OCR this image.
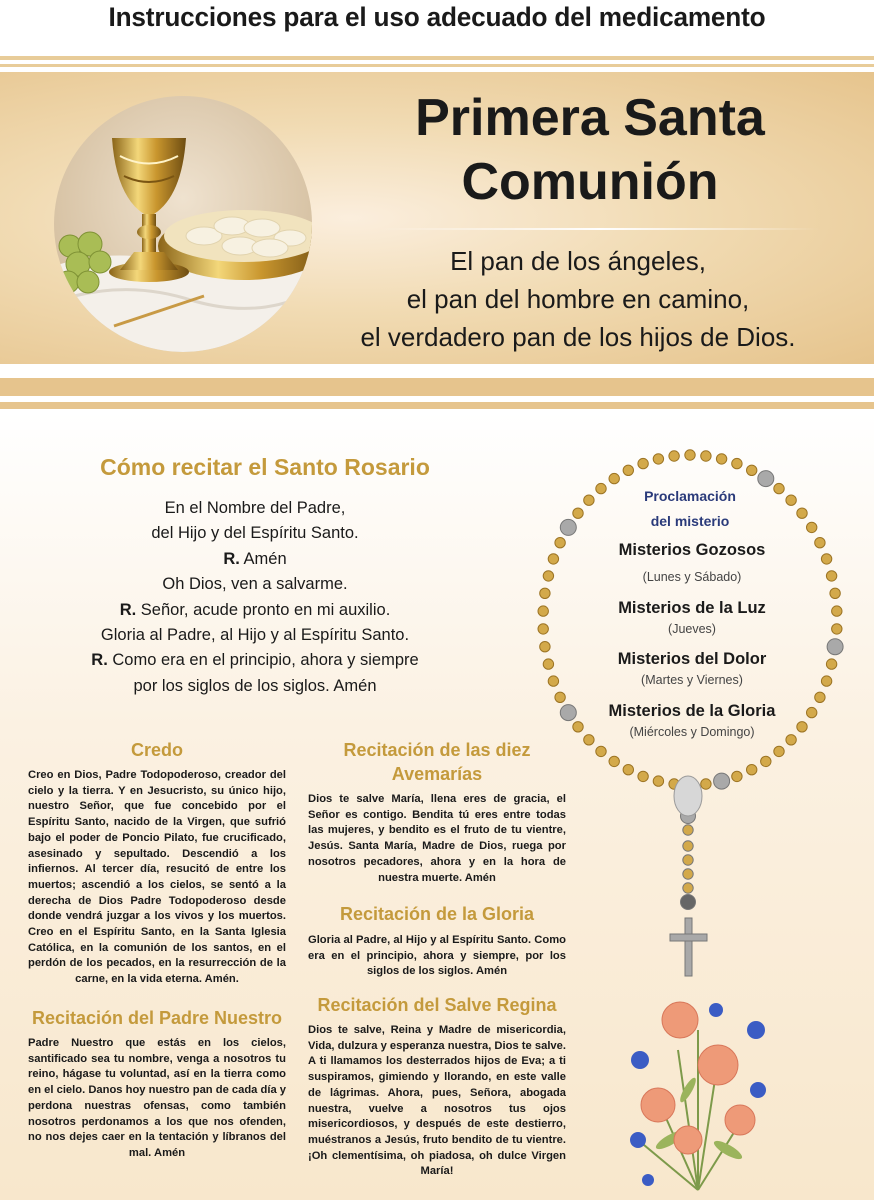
Instrucciones para el uso adecuado del medicamento
Primera Santa
Comunión
El pan de los ángeles,
el pan del hombre en camino,
el verdadero pan de los hijos de Dios.
Cómo recitar el Santo Rosario
En el Nombre del Padre,
del Hijo y del Espíritu Santo.
R. Amén
Oh Dios, ven a salvarme.
R. Señor, acude pronto en mi auxilio.
Gloria al Padre, al Hijo y al Espíritu Santo.
R. Como era en el principio, ahora y siempre
por los siglos de los siglos. Amén
Proclamación
del misterio
Misterios Gozosos
(Lunes y Sábado)
Misterios de la Luz
(Jueves)
Misterios del Dolor
(Martes y Viernes)
Misterios de la Gloria
(Miércoles y Domingo)
Credo
Creo en Dios, Padre Todopoderoso, creador del cielo y la tierra. Y en Jesucristo, su único hijo, nuestro Señor, que fue concebido por el Espíritu Santo, nacido de la Virgen, que sufrió bajo el poder de Poncio Pilato, fue crucificado, asesinado y sepultado. Descendió a los infiernos. Al tercer día, resucitó de entre los muertos; ascendió a los cielos, se sentó a la derecha de Dios Padre Todopoderoso desde donde vendrá juzgar a los vivos y los muertos. Creo en el Espíritu Santo, en la Santa Iglesia Católica, en la comunión de los santos, en el perdón de los pecados, en la resurrección de la carne, en la vida eterna. Amén.
Recitación del Padre Nuestro
Padre Nuestro que estás en los cielos, santificado sea tu nombre, venga a nosotros tu reino, hágase tu voluntad, así en la tierra como en el cielo. Danos hoy nuestro pan de cada día y perdona nuestras ofensas, como también nosotros perdonamos a los que nos ofenden, no nos dejes caer en la tentación y líbranos del mal. Amén
Recitación de las diez
Avemarías
Dios te salve María, llena eres de gracia, el Señor es contigo. Bendita tú eres entre todas las mujeres, y bendito es el fruto de tu vientre, Jesús. Santa María, Madre de Dios, ruega por nosotros pecadores, ahora y en la hora de nuestra muerte. Amén
Recitación de la Gloria
Gloria al Padre, al Hijo y al Espíritu Santo. Como era en el principio, ahora y siempre, por los siglos de los siglos. Amén
Recitación del Salve Regina
Dios te salve, Reina y Madre de misericordia, Vida, dulzura y esperanza nuestra, Dios te salve. A ti llamamos los desterrados hijos de Eva; a ti suspiramos, gimiendo y llorando, en este valle de lágrimas. Ahora, pues, Señora, abogada nuestra, vuelve a nosotros tus ojos misericordiosos, y después de este destierro, muéstranos a Jesús, fruto bendito de tu vientre. ¡Oh clementísima, oh piadosa, oh dulce Virgen María!
